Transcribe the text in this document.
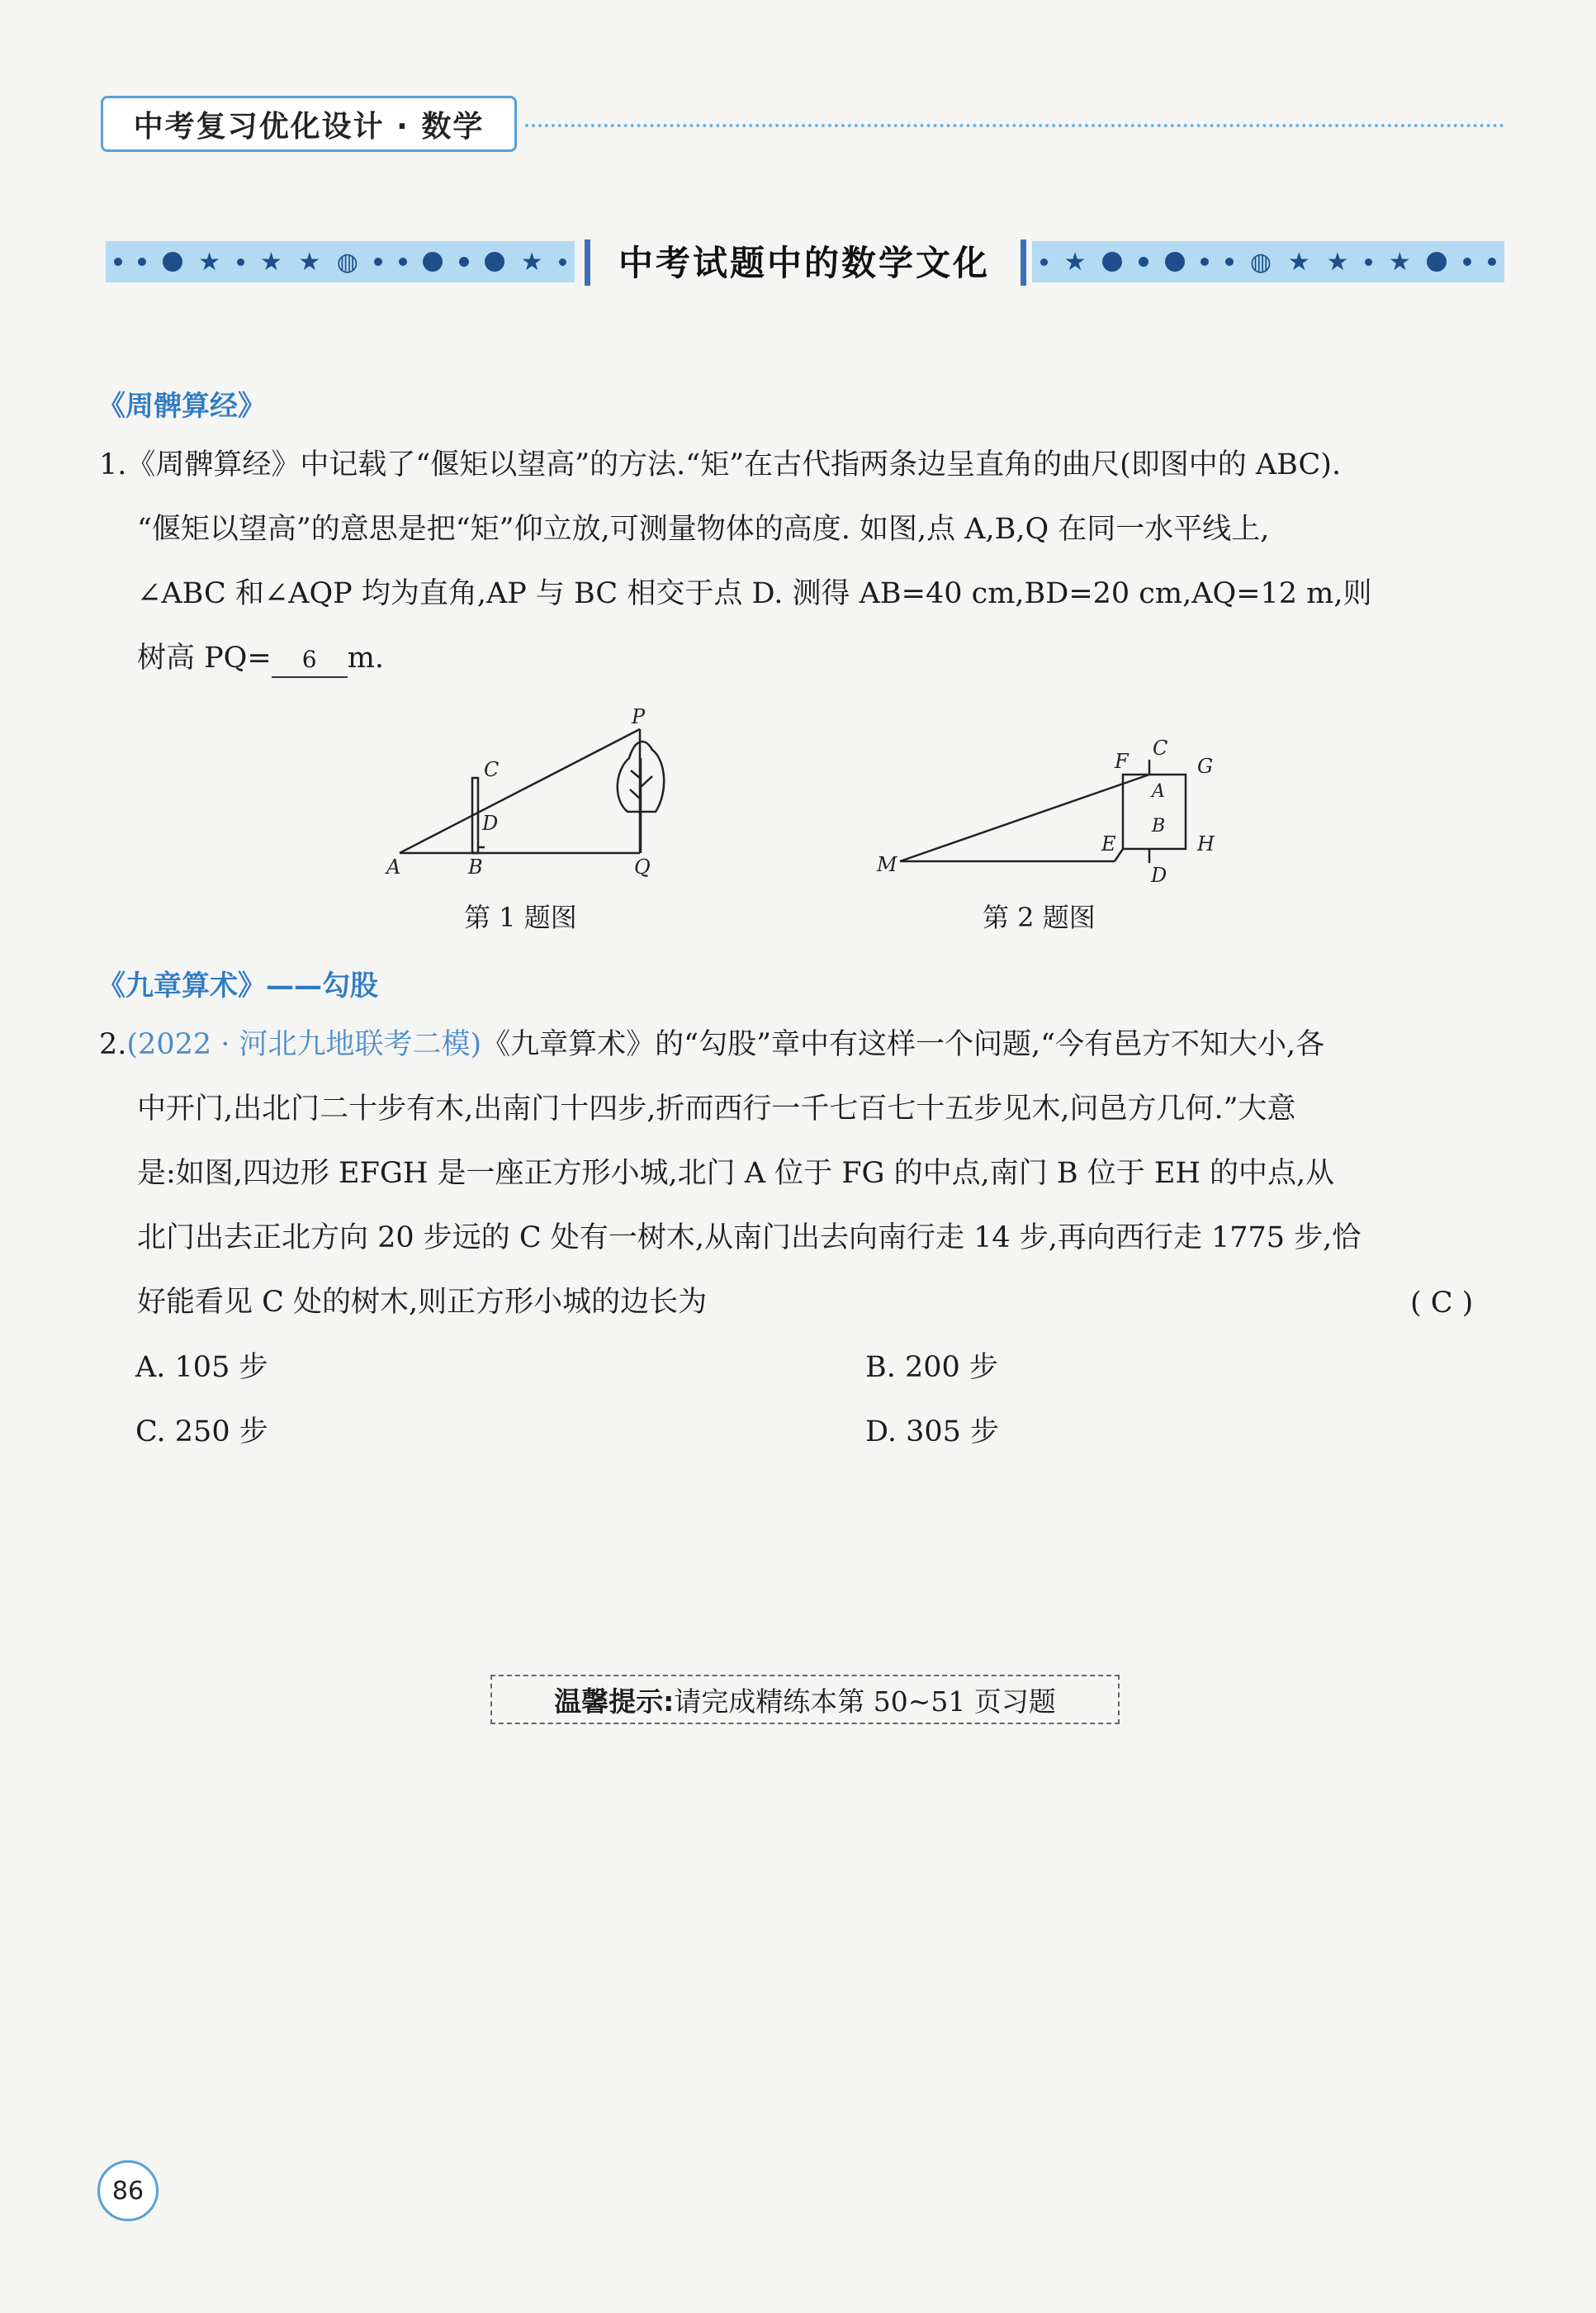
中考复习优化设计 · 数学
★ ★ ★ ◍	★	中考试题中的数学文化	★	◍ ★ ★ ★
《周髀算经》
1.《周髀算经》中记载了“偃矩以望高”的方法.“矩”在古代指两条边呈直角的曲尺(即图中的 ABC).
“偃矩以望高”的意思是把“矩”仰立放,可测量物体的高度. 如图,点 A,B,Q 在同一水平线上,
∠ABC 和∠AQP 均为直角,AP 与 BC 相交于点 D. 测得 AB=40 cm,BD=20 cm,AQ=12 m,则
树高 PQ= 6 m.
A	B
C
D
P
Q
第 1 题图
F
C
G
A
B
E	H
M	D
第 2 题图
《九章算术》——勾股
2.(2022 · 河北九地联考二模)《九章算术》的“勾股”章中有这样一个问题,“今有邑方不知大小,各
中开门,出北门二十步有木,出南门十四步,折而西行一千七百七十五步见木,问邑方几何.”大意
是:如图,四边形 EFGH 是一座正方形小城,北门 A 位于 FG 的中点,南门 B 位于 EH 的中点,从
北门出去正北方向 20 步远的 C 处有一树木,从南门出去向南行走 14 步,再向西行走 1775 步,恰
好能看见 C 处的树木,则正方形小城的边长为	( C )
A. 105 步	B. 200 步
C. 250 步	D. 305 步
温馨提示: 请完成精练本第 50~51 页习题
86
